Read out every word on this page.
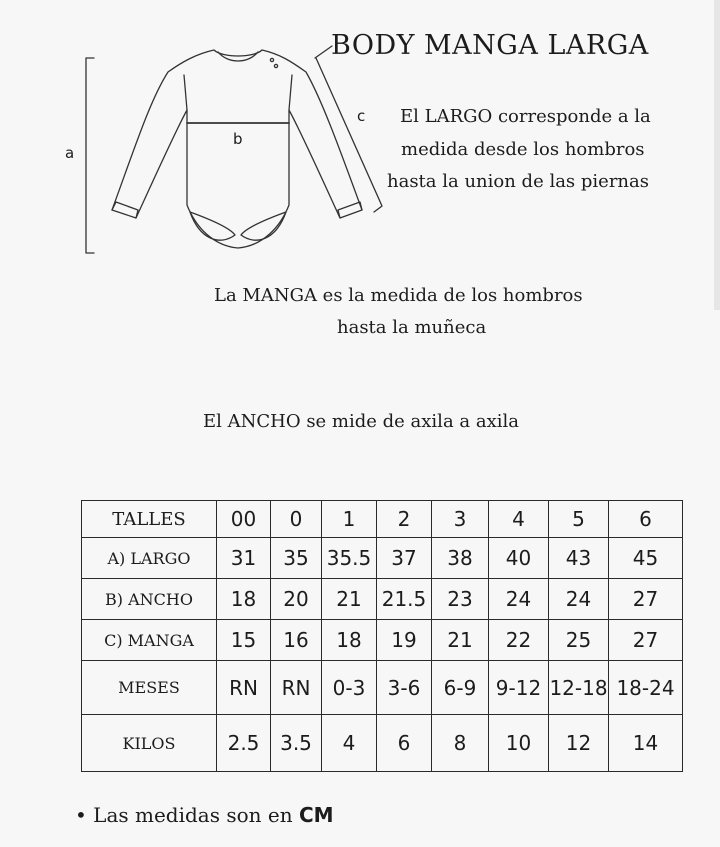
a
b
c
BODY MANGA LARGA
El LARGO corresponde a la
medida desde los hombros
hasta la union de las piernas
La MANGA es la medida de los hombros
hasta la muñeca
El ANCHO se mide de axila a axila
TALLES	00	0	1	2	3	4	5	6
A) LARGO	31	35	35.5	37	38	40	43	45
B) ANCHO	18	20	21	21.5	23	24	24	27
C) MANGA	15	16	18	19	21	22	25	27
MESES	RN	RN	0-3	3-6	6-9	9-12	12-18	18-24
KILOS	2.5	3.5	4	6	8	10	12	14
• Las medidas son en CM
